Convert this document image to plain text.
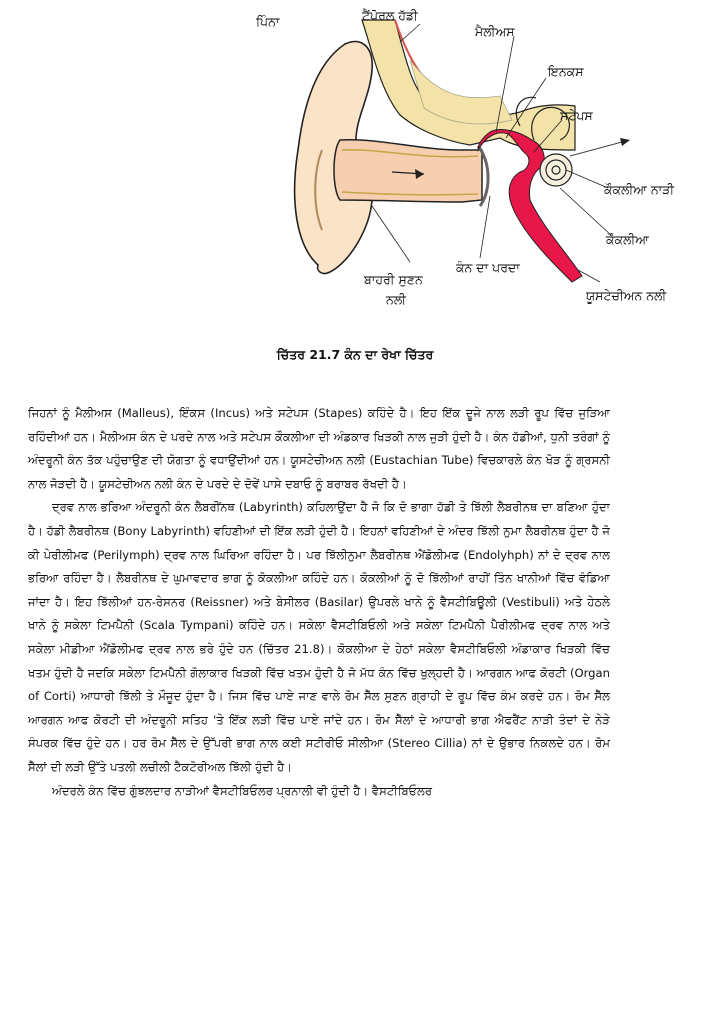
ਪਿੰਨਾ	ਟੈਂਪੋਰਲ ਹੱਡੀ
ਮੈਲੀਅਸ
ਇਨਕਸ
ਸਟੇਪਸ
ਕੌਕਲੀਆ ਨਾੜੀ
ਕੌਕਲੀਆ
ਕੰਨ ਦਾ ਪਰਦਾ
ਬਾਹਰੀ ਸੁਣਨ
ਨਲੀ	ਯੂਸਟੇਚੀਅਨ ਨਲੀ
ਚਿੱਤਰ 21.7 ਕੰਨ ਦਾ ਰੇਖਾ ਚਿੱਤਰ

ਜਿਹਨਾਂ ਨੂੰ ਮੈਲੀਅਸ (Malleus), ਇੰਕਸ (Incus) ਅਤੇ ਸਟੇਪਸ (Stapes) ਕਹਿੰਦੇ ਹੈ। ਇਹ ਇੱਕ ਦੂਜੇ ਨਾਲ ਲੜੀ ਰੂਪ ਵਿੱਚ ਜੁੜਿਆ ਰਹਿੰਦੀਆਂ ਹਨ। ਮੈਲੀਅਸ ਕੰਨ ਦੇ ਪਰਦੇ ਨਾਲ ਅਤੇ ਸਟੇਪਸ ਕੌਕਲੀਆ ਦੀ ਅੰਡਕਾਰ ਖਿੜਕੀ ਨਾਲ ਜੁੜੀ ਹੁੰਦੀ ਹੈ। ਕੰਨ ਹੱਡੀਆਂ, ਧੁਨੀ ਤਰੰਗਾਂ ਨੂੰ ਅੰਦਰੂਨੀ ਕੰਨ ਤੱਕ ਪਹੁੰਚਾਉਣ ਦੀ ਯੋਗਤਾ ਨੂੰ ਵਧਾਉਂਦੀਆਂ ਹਨ। ਯੂਸਟੇਚੀਅਨ ਨਲੀ (Eustachian Tube) ਵਿਚਕਾਰਲੇ ਕੰਨ ਖੋੜ ਨੂੰ ਗ੍ਰਸਨੀ ਨਾਲ ਜੋੜਦੀ ਹੈ। ਯੂਸਟੇਚੀਅਨ ਨਲੀ ਕੰਨ ਦੇ ਪਰਦੇ ਦੇ ਦੋਵੇਂ ਪਾਸੇ ਦਬਾਓ ਨੂੰ ਬਰਾਬਰ ਰੱਖਦੀ ਹੈ।

ਦ੍ਰਵ ਨਾਲ ਭਰਿਆ ਅੰਦਰੂਨੀ ਕੰਨ ਲੈਬਰੀਂਨਥ (Labyrinth) ਕਹਿਲਾਉਂਦਾ ਹੈ ਜੋ ਕਿ ਦੋ ਭਾਗਾ ਹੱਡੀ ਤੇ ਝਿੱਲੀ ਲੈਬਰੀਨਥ ਦਾ ਬਣਿਆ ਹੁੰਦਾ ਹੈ। ਹੱਡੀ ਲੈਬਰੀਨਥ (Bony Labyrinth) ਵਹਿਣੀਆਂ ਦੀ ਇੱਕ ਲੜੀ ਹੁੰਦੀ ਹੈ। ਇਹਨਾਂ ਵਹਿਣੀਆਂ ਦੇ ਅੰਦਰ ਝਿੱਲੀ ਨੁਮਾ ਲੈਬਰੀਨਥ ਹੁੰਦਾ ਹੈ ਜੋ ਕੀ ਪੇਰੀਲੀਮਫ (Perilymph) ਦ੍ਰਵ ਨਾਲ ਘਿਰਿਆ ਰਹਿੰਦਾ ਹੈ। ਪਰ ਝਿੱਲੀਨੁਮਾ ਲੈਬਰੀਨਥ ਐਂਡੋਲੀਮਫ (Endolyhph) ਨਾਂ ਦੇ ਦ੍ਰਵ ਨਾਲ ਭਰਿਆ ਰਹਿੰਦਾ ਹੈ। ਲੈਬਰੀਨਥ ਦੇ ਘੁਮਾਵਦਾਰ ਭਾਗ ਨੂੰ ਕੋਕਲੀਆ ਕਹਿੰਦੇ ਹਨ। ਕੋਕਲੀਆਂ ਨੂੰ ਦੋ ਝਿੱਲੀਆਂ ਰਾਹੀਂ ਤਿੰਨ ਖਾਨੀਆਂ ਵਿੱਚ ਵੰਡਿਆ ਜਾਂਦਾ ਹੈ। ਇਹ ਝਿੱਲੀਆਂ ਹਨ-ਰੇਸਨਰ (Reissner) ਅਤੇ ਬੇਸੀਲਰ (Basilar) ਉਪਰਲੇ ਖਾਨੇ ਨੂੰ ਵੈਸਟੀਬਿਊਲੀ (Vestibuli) ਅਤੇ ਹੇਠਲੇ ਖਾਨੇ ਨੂੰ ਸਕੇਲਾ ਟਿਮਪੈਨੀ (Scala Tympani) ਕਹਿੰਦੇ ਹਨ। ਸਕੇਲਾ ਵੈਸਟੀਬਿਓਲੀ ਅਤੇ ਸਕੇਲਾ ਟਿਮਪੈਨੀ ਪੈਰੀਲੀਮਫ ਦ੍ਰਵ ਨਾਲ ਅਤੇ ਸਕੇਲਾ ਮੀਡੀਆ ਐਂਡੋਲੀਮਫ ਦ੍ਰਵ ਨਾਲ ਭਰੇ ਹੁੰਦੇ ਹਨ (ਚਿੱਤਰ 21.8)। ਕੋਕਲੀਆ ਦੇ ਹੇਠਾਂ ਸਕੇਲਾ ਵੈਸਟੀਬਿਓਲੀ ਅੰਡਾਕਾਰ ਖਿੜਕੀ ਵਿੱਚ ਖਤਮ ਹੁੰਦੀ ਹੈ ਜਦਕਿ ਸਕੇਲਾ ਟਿਮਪੈਨੀ ਗੋਲਾਕਾਰ ਖਿੜਕੀ ਵਿੱਚ ਖਤਮ ਹੁੰਦੀ ਹੈ ਜੋ ਮੱਧ ਕੰਨ ਵਿੱਚ ਖੁਲ੍ਹਦੀ ਹੈ। ਆਰਗਨ ਆਫ ਕੋਰਟੀ (Organ of Corti) ਆਧਾਰੀ ਝਿੱਲੀ ਤੇ ਮੌਜੂਦ ਹੁੰਦਾ ਹੈ। ਜਿਸ ਵਿੱਚ ਪਾਏ ਜਾਣ ਵਾਲੇ ਰੋਮ ਸੈੱਲ ਸੁਣਨ ਗ੍ਰਾਹੀ ਦੇ ਰੂਪ ਵਿੱਚ ਕੰਮ ਕਰਦੇ ਹਨ। ਰੋਮ ਸੈੱਲ ਆਰਗਨ ਆਫ ਕੋਰਟੀ ਦੀ ਅੰਦਰੂਨੀ ਸਤਿਹ 'ਤੇ ਇੱਕ ਲੜੀ ਵਿੱਚ ਪਾਏ ਜਾਂਦੇ ਹਨ। ਰੋਮ ਸੈੱਲਾਂ ਦੇ ਆਧਾਰੀ ਭਾਗ ਐਫਰੈਂਟ ਨਾੜੀ ਤੰਦਾਂ ਦੇ ਨੇੜੇ ਸੰਪਰਕ ਵਿੱਚ ਹੁੰਦੇ ਹਨ। ਹਰ ਰੋਮ ਸੈੱਲ ਦੇ ਉੱਪਰੀ ਭਾਗ ਨਾਲ ਕਈ ਸਟੀਰੀਓ ਸੀਲੀਆ (Stereo Cillia) ਨਾਂ ਦੇ ਉਭਾਰ ਨਿਕਲਦੇ ਹਨ। ਰੋਮ ਸੈੱਲਾਂ ਦੀ ਲੜੀ ਉੱਤੇ ਪਤਲੀ ਲਚੀਲੀ ਟੈਕਟੋਰੀਅਲ ਝਿੱਲੀ ਹੁੰਦੀ ਹੈ।

ਅੰਦਰਲੇ ਕੰਨ ਵਿੱਚ ਗੁੰਝਲਦਾਰ ਨਾੜੀਆਂ ਵੈਸਟੀਬਿਓਲਰ ਪ੍ਰਨਾਲੀ ਵੀ ਹੁੰਦੀ ਹੈ। ਵੈਸਟੀਬਿਓਲਰ
